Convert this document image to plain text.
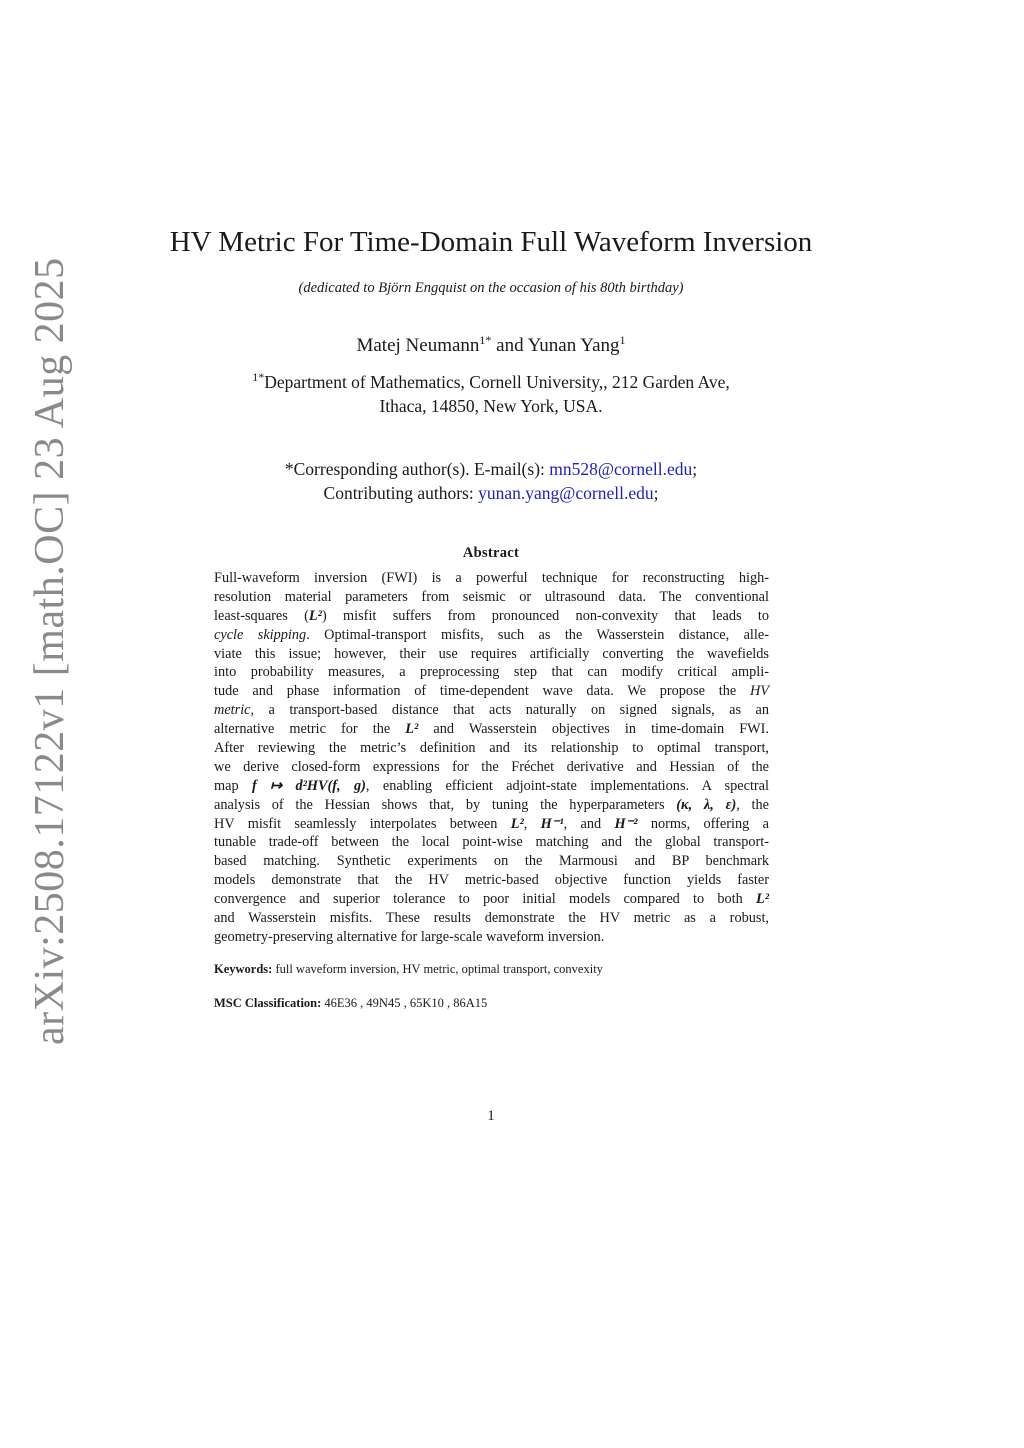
arXiv:2508.17122v1 [math.OC] 23 Aug 2025
HV Metric For Time-Domain Full Waveform Inversion
(dedicated to Björn Engquist on the occasion of his 80th birthday)
Matej Neumann$^{1*}$ and Yunan Yang$^1$
$^{1*}$Department of Mathematics, Cornell University,, 212 Garden Ave,
Ithaca, 14850, New York, USA.
*Corresponding author(s). E-mail(s): mn528@cornell.edu;
Contributing authors: yunan.yang@cornell.edu;
Abstract
Full-waveform inversion (FWI) is a powerful technique for reconstructing high-
resolution material parameters from seismic or ultrasound data. The conventional
least-squares (L²) misfit suffers from pronounced non-convexity that leads to
cycle skipping. Optimal-transport misfits, such as the Wasserstein distance, alle-
viate this issue; however, their use requires artificially converting the wavefields
into probability measures, a preprocessing step that can modify critical ampli-
tude and phase information of time-dependent wave data. We propose the HV
metric, a transport-based distance that acts naturally on signed signals, as an
alternative metric for the L² and Wasserstein objectives in time-domain FWI.
After reviewing the metric’s definition and its relationship to optimal transport,
we derive closed-form expressions for the Fréchet derivative and Hessian of the
map f ↦ d²HV(f, g), enabling efficient adjoint-state implementations. A spectral
analysis of the Hessian shows that, by tuning the hyperparameters (κ, λ, ε), the
HV misfit seamlessly interpolates between L², H⁻¹, and H⁻² norms, offering a
tunable trade-off between the local point-wise matching and the global transport-
based matching. Synthetic experiments on the Marmousi and BP benchmark
models demonstrate that the HV metric-based objective function yields faster
convergence and superior tolerance to poor initial models compared to both L²
and Wasserstein misfits. These results demonstrate the HV metric as a robust,
geometry-preserving alternative for large-scale waveform inversion.
Keywords: full waveform inversion, HV metric, optimal transport, convexity
MSC Classification: 46E36 , 49N45 , 65K10 , 86A15
1
